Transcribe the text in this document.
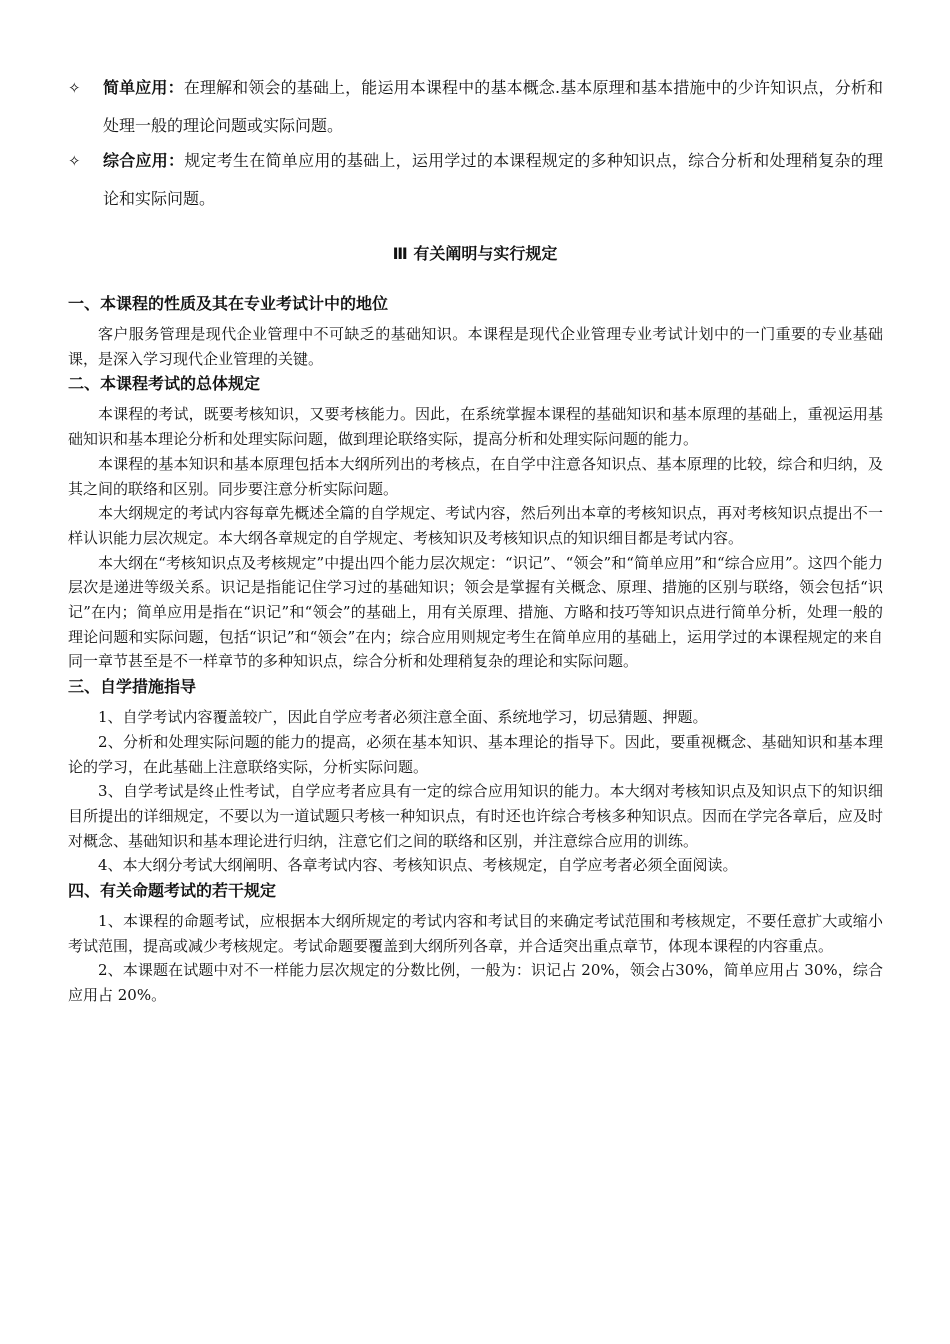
✧	简单应用：在理解和领会的基础上，能运用本课程中的基本概念.基本原理和基本措施中的少许知识点，分析和处理一般的理论问题或实际问题。
✧	综合应用：规定考生在简单应用的基础上，运用学过的本课程规定的多种知识点，综合分析和处理稍复杂的理论和实际问题。
Ⅲ 有关阐明与实行规定
一、本课程的性质及其在专业考试计中的地位

客户服务管理是现代企业管理中不可缺乏的基础知识。本课程是现代企业管理专业考试计划中的一门重要的专业基础课，是深入学习现代企业管理的关键。

二、本课程考试的总体规定

本课程的考试，既要考核知识，又要考核能力。因此，在系统掌握本课程的基础知识和基本原理的基础上，重视运用基础知识和基本理论分析和处理实际问题，做到理论联络实际，提高分析和处理实际问题的能力。

本课程的基本知识和基本原理包括本大纲所列出的考核点，在自学中注意各知识点、基本原理的比较，综合和归纳，及其之间的联络和区别。同步要注意分析实际问题。

本大纲规定的考试内容每章先概述全篇的自学规定、考试内容，然后列出本章的考核知识点，再对考核知识点提出不一样认识能力层次规定。本大纲各章规定的自学规定、考核知识及考核知识点的知识细目都是考试内容。

本大纲在“考核知识点及考核规定”中提出四个能力层次规定：“识记”、“领会”和“简单应用”和“综合应用”。这四个能力层次是递进等级关系。识记是指能记住学习过的基础知识；领会是掌握有关概念、原理、措施的区别与联络，领会包括“识记”在内；简单应用是指在“识记”和“领会”的基础上，用有关原理、措施、方略和技巧等知识点进行简单分析，处理一般的理论问题和实际问题，包括“识记”和“领会”在内；综合应用则规定考生在简单应用的基础上，运用学过的本课程规定的来自同一章节甚至是不一样章节的多种知识点，综合分析和处理稍复杂的理论和实际问题。

三、自学措施指导

1、自学考试内容覆盖较广，因此自学应考者必须注意全面、系统地学习，切忌猜题、押题。

2、分析和处理实际问题的能力的提高，必须在基本知识、基本理论的指导下。因此，要重视概念、基础知识和基本理论的学习，在此基础上注意联络实际，分析实际问题。

3、自学考试是终止性考试，自学应考者应具有一定的综合应用知识的能力。本大纲对考核知识点及知识点下的知识细目所提出的详细规定，不要以为一道试题只考核一种知识点，有时还也许综合考核多种知识点。因而在学完各章后，应及时对概念、基础知识和基本理论进行归纳，注意它们之间的联络和区别，并注意综合应用的训练。

4、本大纲分考试大纲阐明、各章考试内容、考核知识点、考核规定，自学应考者必须全面阅读。

四、有关命题考试的若干规定

1、本课程的命题考试，应根据本大纲所规定的考试内容和考试目的来确定考试范围和考核规定，不要任意扩大或缩小考试范围，提高或减少考核规定。考试命题要覆盖到大纲所列各章，并合适突出重点章节，体现本课程的内容重点。

2、本课题在试题中对不一样能力层次规定的分数比例，一般为：识记占 20%，领会占30%，简单应用占 30%，综合应用占 20%。
